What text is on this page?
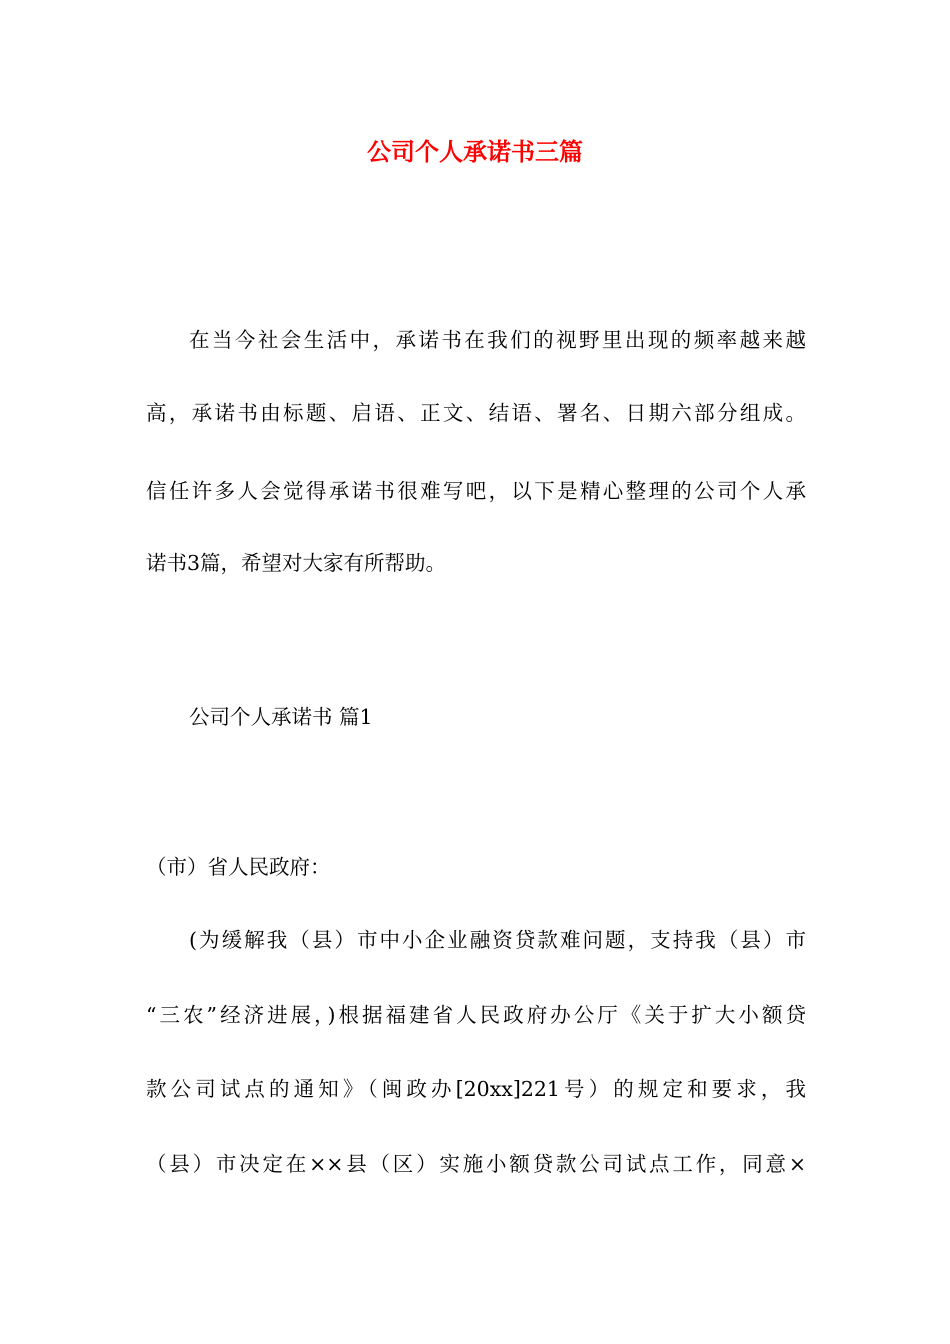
公司个人承诺书三篇
在当今社会生活中，承诺书在我们的视野里出现的频率越来越
高，承诺书由标题、启语、正文、结语、署名、日期六部分组成。
信任许多人会觉得承诺书很难写吧，以下是精心整理的公司个人承
诺书3篇，希望对大家有所帮助。
公司个人承诺书 篇1
（市）省人民政府：
(为缓解我（县）市中小企业融资贷款难问题，支持我（县）市
“三农”经济进展，)根据福建省人民政府办公厅《关于扩大小额贷
款公司试点的通知》（闽政办[20xx]221号）的规定和要求，我
（县）市决定在××县（区）实施小额贷款公司试点工作，同意×
